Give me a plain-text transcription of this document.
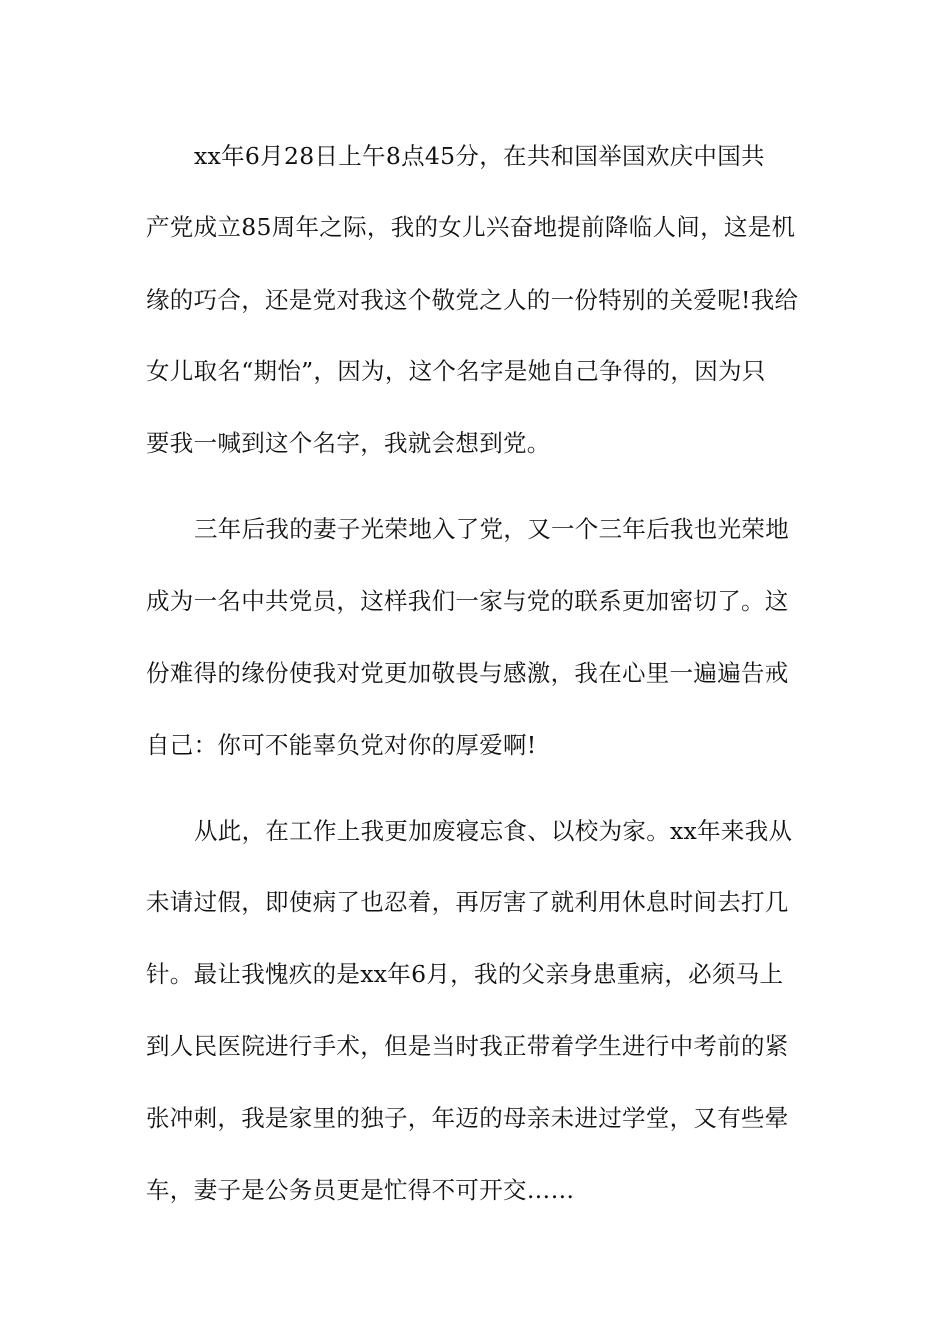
xx年6月28日上午8点45分，在共和国举国欢庆中国共
产党成立85周年之际，我的女儿兴奋地提前降临人间，这是机
缘的巧合，还是党对我这个敬党之人的一份特别的关爱呢!我给
女儿取名“期怡”，因为，这个名字是她自己争得的，因为只
要我一喊到这个名字，我就会想到党。
三年后我的妻子光荣地入了党，又一个三年后我也光荣地
成为一名中共党员，这样我们一家与党的联系更加密切了。这
份难得的缘份使我对党更加敬畏与感激，我在心里一遍遍告戒
自己：你可不能辜负党对你的厚爱啊!
从此，在工作上我更加废寝忘食、以校为家。xx年来我从
未请过假，即使病了也忍着，再厉害了就利用休息时间去打几
针。最让我愧疚的是xx年6月，我的父亲身患重病，必须马上
到人民医院进行手术，但是当时我正带着学生进行中考前的紧
张冲刺，我是家里的独子，年迈的母亲未进过学堂，又有些晕
车，妻子是公务员更是忙得不可开交……
